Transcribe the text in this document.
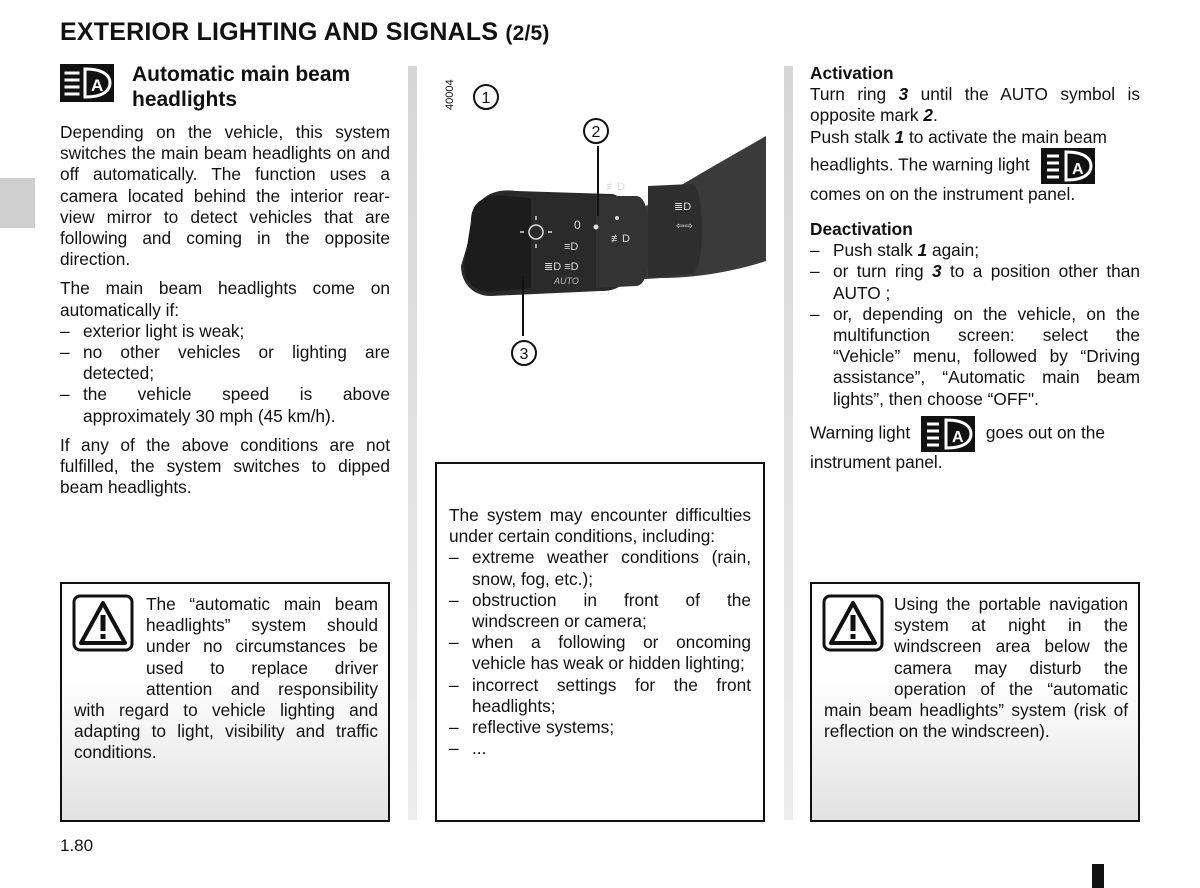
EXTERIOR LIGHTING AND SIGNALS (2/5)
A Automatic main beam
headlights

Depending on the vehicle, this system switches the main beam headlights on and off automatically. The function uses a camera located behind the interior rear-view mirror to detect vehicles that are following and coming in the opposite direction.

The main beam headlights come on automatically if:

– exterior light is weak;
– no other vehicles or lighting are detected;
– the vehicle speed is above approximately 30 mph (45 km/h).

If any of the above conditions are not fulfilled, the system switches to dipped beam headlights.

The “automatic main beam headlights” system should under no circumstances be used to replace driver attention and responsibility with regard to vehicle lighting and adapting to light, visibility and traffic conditions.
40004
0
≡D
≣D ≡D
AUTO
≢D
≢D
≣D
⇦⇨
1
2
3

The system may encounter difficulties under certain conditions, including:

– extreme weather conditions (rain, snow, fog, etc.);
– obstruction in front of the windscreen or camera;
– when a following or oncoming vehicle has weak or hidden lighting;
– incorrect settings for the front headlights;
– reflective systems;
– ...

Activation

Turn ring 3 until the AUTO symbol is opposite mark 2.

Push stalk 1 to activate the main beam headlights. The warning light	A

comes on on the instrument panel.

Deactivation

– Push stalk 1 again;
– or turn ring 3 to a position other than AUTO ;
– or, depending on the vehicle, on the multifunction screen: select the “Vehicle” menu, followed by “Driving assistance”, “Automatic main beam lights”, then choose “OFF".

Warning light	A goes out on the instrument panel.

Using the portable navigation system at night in the windscreen area below the camera may disturb the operation of the “automatic main beam headlights” system (risk of reflection on the windscreen).
1.80
